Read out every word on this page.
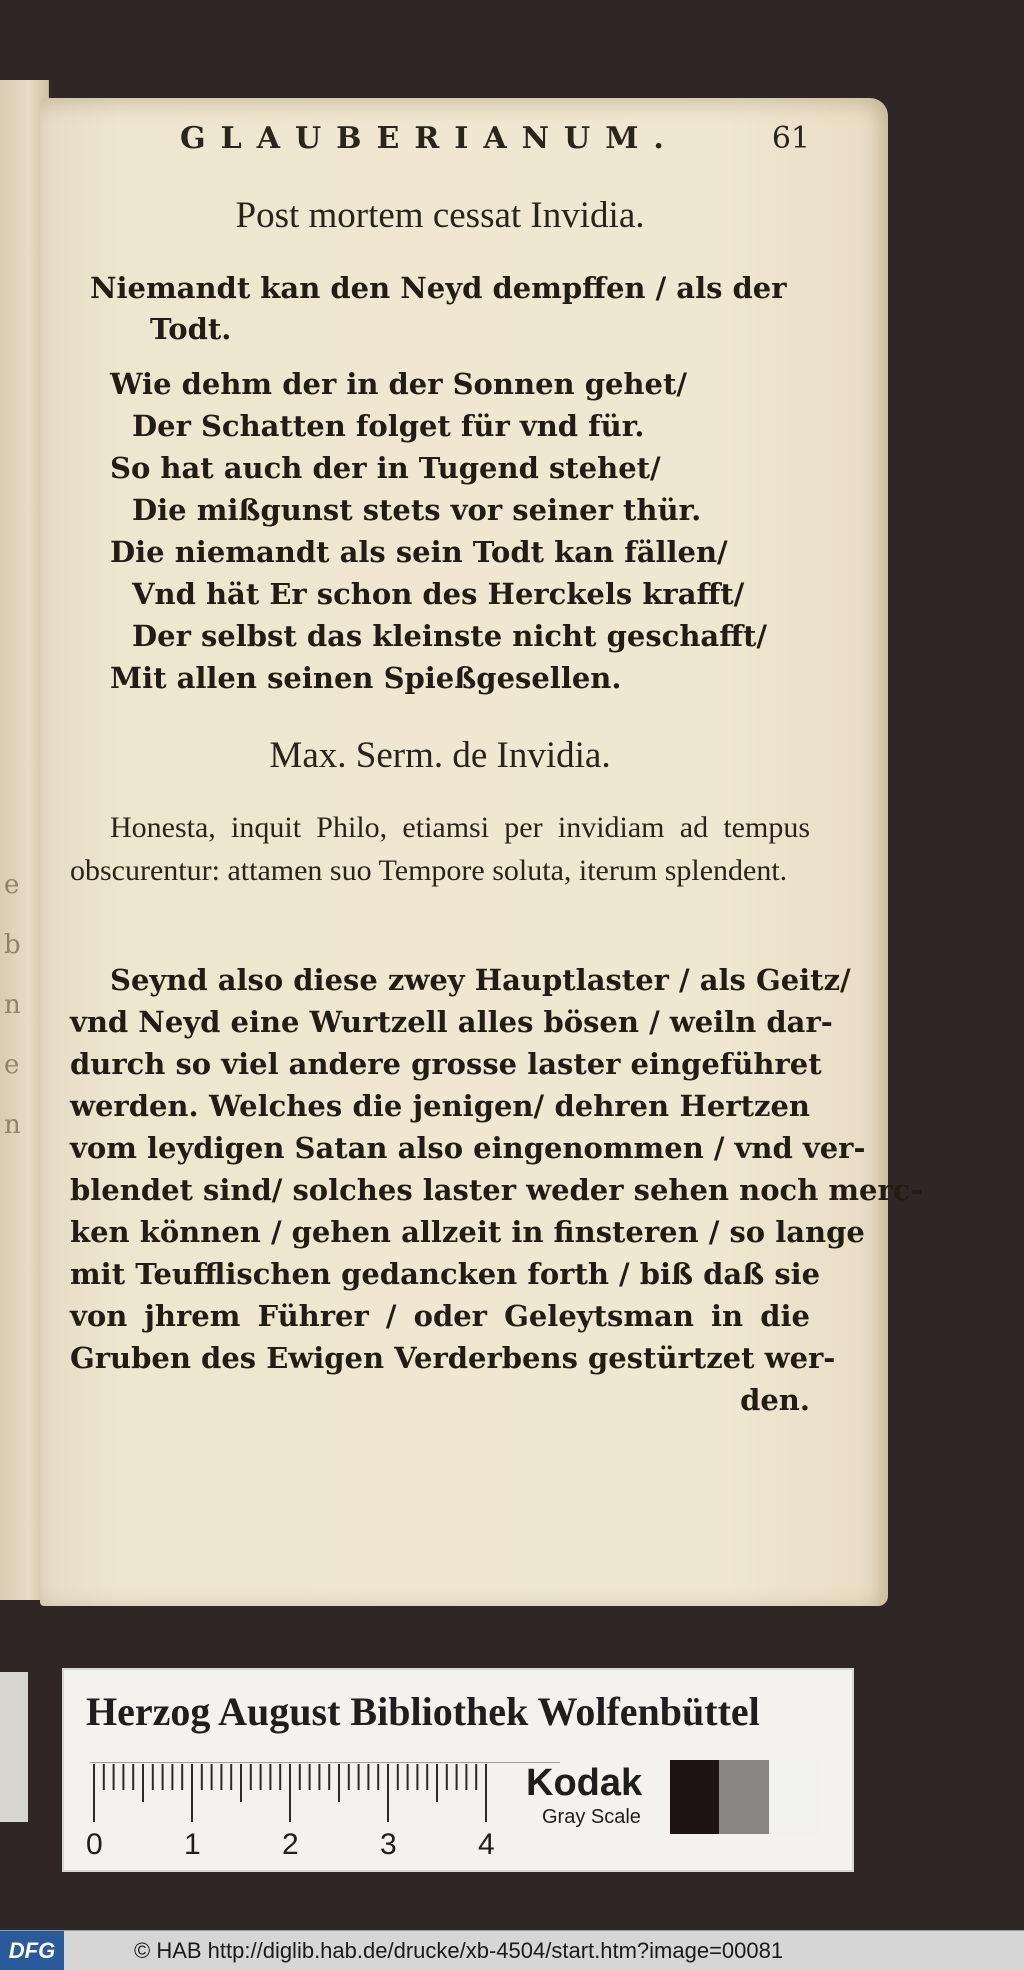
e
b
n
e
n
GLAUBERIANUM.	61
Post mortem cessat Invidia.
Niemandt kan den Neyd dempffen / als der
Todt.
Wie dehm der in der Sonnen gehet/
Der Schatten folget für vnd für.
So hat auch der in Tugend stehet/
Die mißgunst stets vor seiner thür.
Die niemandt als sein Todt kan fällen/
Vnd hät Er schon des Herckels krafft/
Der selbst das kleinste nicht geschafft/
Mit allen seinen Spießgesellen.
Max. Serm. de Invidia.

Honesta, inquit Philo, etiamsi per invidiam ad tempus obscurentur: attamen suo Tempore soluta, iterum splendent.

Seynd also diese zwey Hauptlaster / als Geitz/
vnd Neyd eine Wurtzell alles bösen / weiln dar-
durch so viel andere grosse laster eingeführet
werden. Welches die jenigen/ dehren Hertzen
vom leydigen Satan also eingenommen / vnd ver-
blendet sind/ solches laster weder sehen noch merc-
ken können / gehen allzeit in finsteren / so lange
mit Teufflischen gedancken forth / biß daß sie
von jhrem Führer / oder Geleytsman in die
Gruben des Ewigen Verderbens gestürtzet wer-
den.
Herzog August Bibliothek Wolfenbüttel
0	1	2	3	4
Kodak
Gray Scale
DFG	© HAB http://diglib.hab.de/drucke/xb-4504/start.htm?image=00081
